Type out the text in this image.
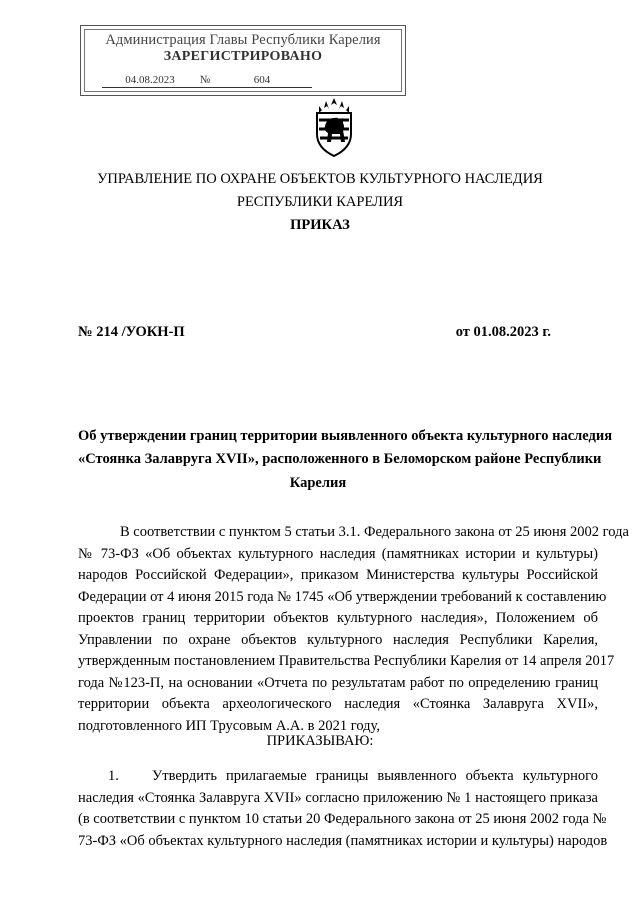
Администрация Главы Республики Карелия
ЗАРЕГИСТРИРОВАНО
04.08.2023 №	604
УПРАВЛЕНИЕ ПО ОХРАНЕ ОБЪЕКТОВ КУЛЬТУРНОГО НАСЛЕДИЯ
РЕСПУБЛИКИ КАРЕЛИЯ
ПРИКАЗ
№ 214 /УОКН-П	от 01.08.2023 г.
Об утверждении границ территории выявленного объекта культурного наследия
«Стоянка Залавруга XVII», расположенного в Беломорском районе Республики
Карелия
В соответствии с пунктом 5 статьи 3.1. Федерального закона от 25 июня 2002 года
№ 73-ФЗ «Об объектах культурного наследия (памятниках истории и культуры)
народов Российской Федерации», приказом Министерства культуры Российской
Федерации от 4 июня 2015 года № 1745 «Об утверждении требований к составлению
проектов границ территории объектов культурного наследия», Положением об
Управлении по охране объектов культурного наследия Республики Карелия,
утвержденным постановлением Правительства Республики Карелия от 14 апреля 2017
года №123-П, на основании «Отчета по результатам работ по определению границ
территории объекта археологического наследия «Стоянка Залавруга XVII»,
подготовленного ИП Трусовым А.А. в 2021 году,
ПРИКАЗЫВАЮ:
1.	Утвердить прилагаемые границы выявленного объекта культурного
наследия «Стоянка Залавруга XVII» согласно приложению № 1 настоящего приказа
(в соответствии с пунктом 10 статьи 20 Федерального закона от 25 июня 2002 года №
73-ФЗ «Об объектах культурного наследия (памятниках истории и культуры) народов
